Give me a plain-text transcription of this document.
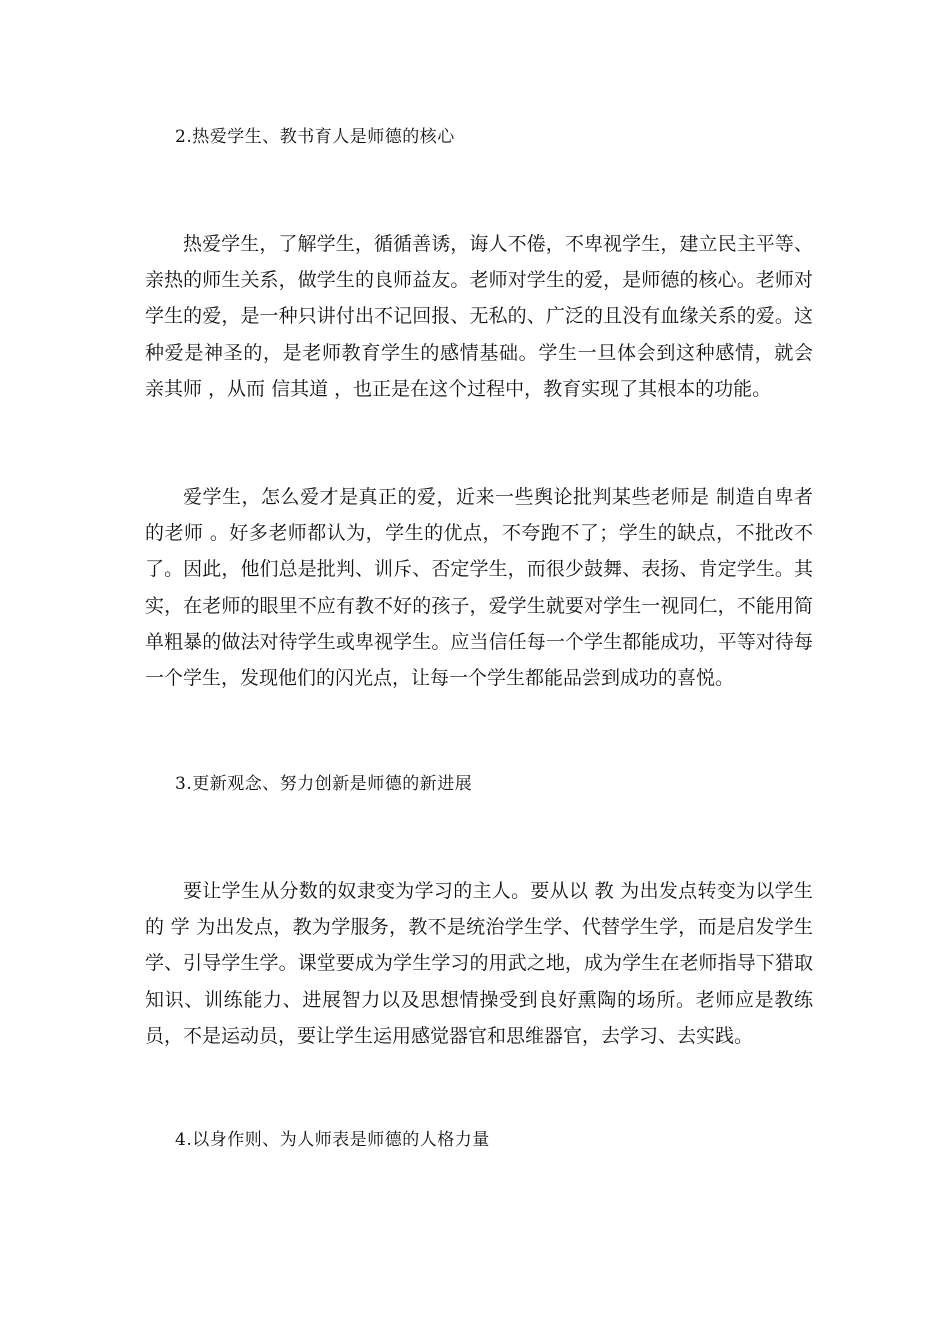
2.热爱学生、教书育人是师德的核心

热爱学生，了解学生，循循善诱，诲人不倦，不卑视学生，建立民主平等、亲热的师生关系，做学生的良师益友。老师对学生的爱，是师德的核心。老师对学生的爱，是一种只讲付出不记回报、无私的、广泛的且没有血缘关系的爱。这种爱是神圣的，是老师教育学生的感情基础。学生一旦体会到这种感情，就会 亲其师 ，从而 信其道 ，也正是在这个过程中，教育实现了其根本的功能。

爱学生，怎么爱才是真正的爱，近来一些舆论批判某些老师是 制造自卑者的老师 。好多老师都认为，学生的优点，不夸跑不了；学生的缺点，不批改不了。因此，他们总是批判、训斥、否定学生，而很少鼓舞、表扬、肯定学生。其实，在老师的眼里不应有教不好的孩子，爱学生就要对学生一视同仁，不能用简单粗暴的做法对待学生或卑视学生。应当信任每一个学生都能成功，平等对待每一个学生，发现他们的闪光点，让每一个学生都能品尝到成功的喜悦。

3.更新观念、努力创新是师德的新进展

要让学生从分数的奴隶变为学习的主人。要从以 教 为出发点转变为以学生的 学 为出发点，教为学服务，教不是统治学生学、代替学生学，而是启发学生学、引导学生学。课堂要成为学生学习的用武之地，成为学生在老师指导下猎取知识、训练能力、进展智力以及思想情操受到良好熏陶的场所。老师应是教练员，不是运动员，要让学生运用感觉器官和思维器官，去学习、去实践。

4.以身作则、为人师表是师德的人格力量
